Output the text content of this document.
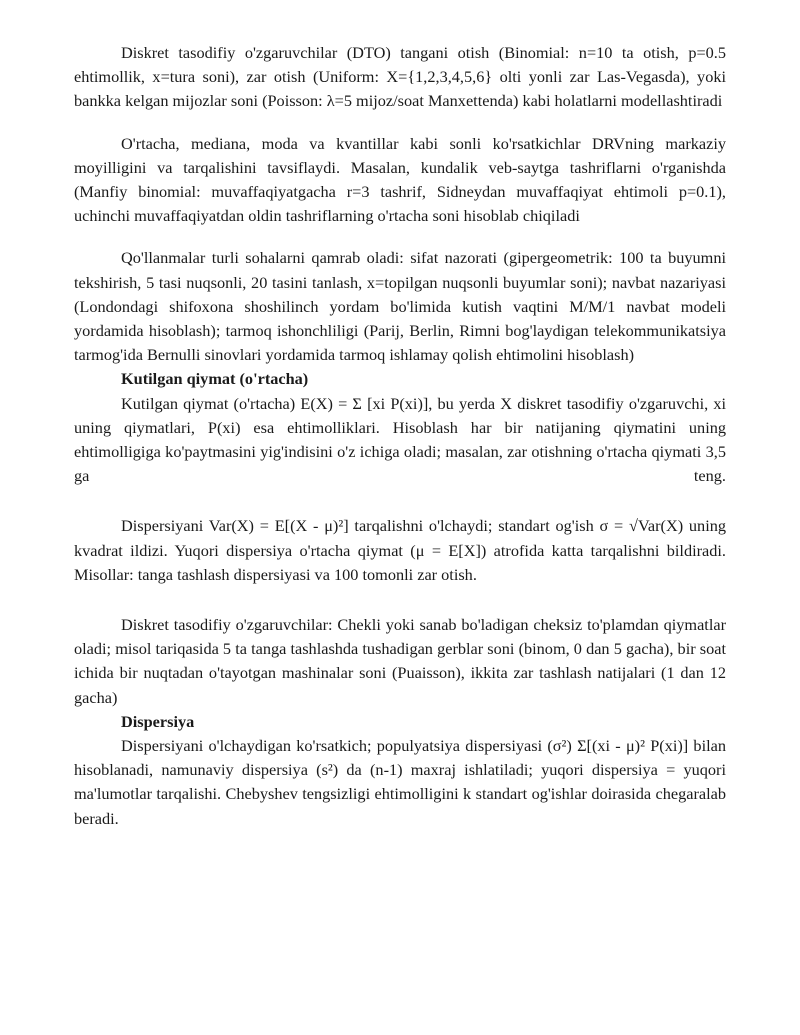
Diskret tasodifiy o'zgaruvchilar (DTO) tangani otish (Binomial: n=10 ta otish, p=0.5 ehtimollik, x=tura soni), zar otish (Uniform: X={1,2,3,4,5,6} olti yonli zar Las-Vegasda), yoki bankka kelgan mijozlar soni (Poisson: λ=5 mijoz/soat Manxettenda) kabi holatlarni modellashtiradi

O'rtacha, mediana, moda va kvantillar kabi sonli ko'rsatkichlar DRVning markaziy moyilligini va tarqalishini tavsiflaydi. Masalan, kundalik veb-saytga tashriflarni o'rganishda (Manfiy binomial: muvaffaqiyatgacha r=3 tashrif, Sidneydan muvaffaqiyat ehtimoli p=0.1), uchinchi muvaffaqiyatdan oldin tashriflarning o'rtacha soni hisoblab chiqiladi

Qo'llanmalar turli sohalarni qamrab oladi: sifat nazorati (gipergeometrik: 100 ta buyumni tekshirish, 5 tasi nuqsonli, 20 tasini tanlash, x=topilgan nuqsonli buyumlar soni); navbat nazariyasi (Londondagi shifoxona shoshilinch yordam bo'limida kutish vaqtini M/M/1 navbat modeli yordamida hisoblash); tarmoq ishonchliligi (Parij, Berlin, Rimni bog'laydigan telekommunikatsiya tarmog'ida Bernulli sinovlari yordamida tarmoq ishlamay qolish ehtimolini hisoblash)

Kutilgan qiymat (o'rtacha)

Kutilgan qiymat (o'rtacha) E(X) = Σ [xi P(xi)], bu yerda X diskret tasodifiy o'zgaruvchi, xi uning qiymatlari, P(xi) esa ehtimolliklari. Hisoblash har bir natijaning qiymatini uning ehtimolligiga ko'paytmasini yig'indisini o'z ichiga oladi; masalan, zar otishning o'rtacha qiymati 3,5 ga teng.

Dispersiyani Var(X) = E[(X - μ)²] tarqalishni o'lchaydi; standart og'ish σ = √Var(X) uning kvadrat ildizi. Yuqori dispersiya o'rtacha qiymat (μ = E[X]) atrofida katta tarqalishni bildiradi. Misollar: tanga tashlash dispersiyasi va 100 tomonli zar otish.

Diskret tasodifiy o'zgaruvchilar: Chekli yoki sanab bo'ladigan cheksiz to'plamdan qiymatlar oladi; misol tariqasida 5 ta tanga tashlashda tushadigan gerblar soni (binom, 0 dan 5 gacha), bir soat ichida bir nuqtadan o'tayotgan mashinalar soni (Puaisson), ikkita zar tashlash natijalari (1 dan 12 gacha)

Dispersiya

Dispersiyani o'lchaydigan ko'rsatkich; populyatsiya dispersiyasi (σ²) Σ[(xi - μ)² P(xi)] bilan hisoblanadi, namunaviy dispersiya (s²) da (n-1) maxraj ishlatiladi; yuqori dispersiya = yuqori ma'lumotlar tarqalishi. Chebyshev tengsizligi ehtimolligini k standart og'ishlar doirasida chegaralab beradi.
